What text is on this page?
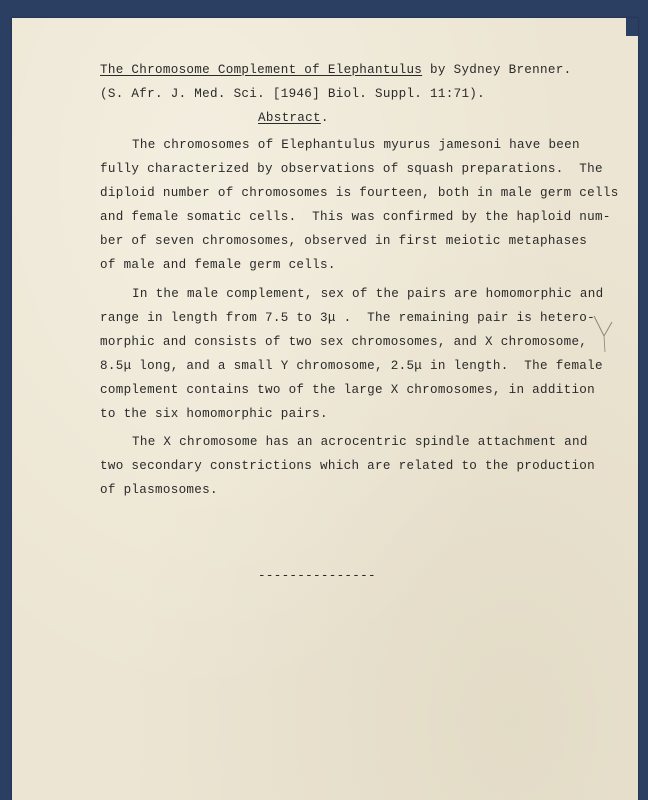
The Chromosome Complement of Elephantulus by Sydney Brenner.
(S. Afr. J. Med. Sci. [1946] Biol. Suppl. 11:71).
Abstract.
The chromosomes of Elephantulus myurus jamesoni have been
fully characterized by observations of squash preparations.  The
diploid number of chromosomes is fourteen, both in male germ cells
and female somatic cells.  This was confirmed by the haploid num-
ber of seven chromosomes, observed in first meiotic metaphases
of male and female germ cells.
In the male complement, sex of the pairs are homomorphic and
range in length from 7.5 to 3μ .  The remaining pair is hetero-
morphic and consists of two sex chromosomes, and X chromosome,
8.5μ long, and a small Y chromosome, 2.5μ in length.  The female
complement contains two of the large X chromosomes, in addition
to the six homomorphic pairs.
The X chromosome has an acrocentric spindle attachment and
two secondary constrictions which are related to the production
of plasmosomes.
---------------
